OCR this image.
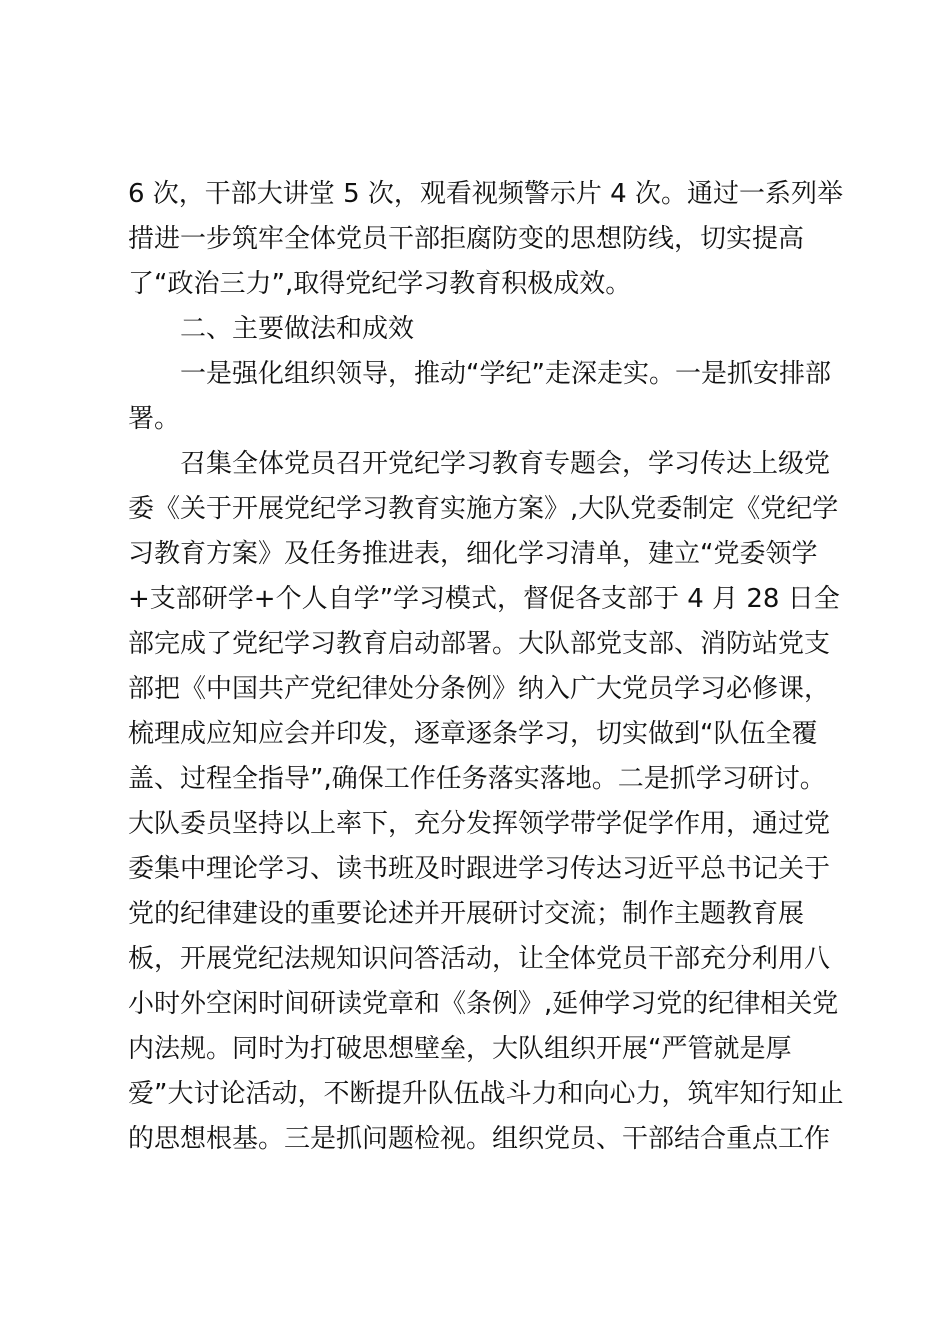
6 次，干部大讲堂 5 次，观看视频警示片 4 次。通过一系列举
措进一步筑牢全体党员干部拒腐防变的思想防线，切实提高
了“政治三力”,取得党纪学习教育积极成效。
二、主要做法和成效
一是强化组织领导，推动“学纪”走深走实。一是抓安排部
署。
召集全体党员召开党纪学习教育专题会，学习传达上级党
委《关于开展党纪学习教育实施方案》,大队党委制定《党纪学
习教育方案》及任务推进表，细化学习清单，建立“党委领学
+支部研学+个人自学”学习模式，督促各支部于 4 月 28 日全
部完成了党纪学习教育启动部署。大队部党支部、消防站党支
部把《中国共产党纪律处分条例》纳入广大党员学习必修课，
梳理成应知应会并印发，逐章逐条学习，切实做到“队伍全覆
盖、过程全指导”,确保工作任务落实落地。二是抓学习研讨。
大队委员坚持以上率下，充分发挥领学带学促学作用，通过党
委集中理论学习、读书班及时跟进学习传达习近平总书记关于
党的纪律建设的重要论述并开展研讨交流；制作主题教育展
板，开展党纪法规知识问答活动，让全体党员干部充分利用八
小时外空闲时间研读党章和《条例》,延伸学习党的纪律相关党
内法规。同时为打破思想壁垒，大队组织开展“严管就是厚
爱”大讨论活动，不断提升队伍战斗力和向心力，筑牢知行知止
的思想根基。三是抓问题检视。组织党员、干部结合重点工作
